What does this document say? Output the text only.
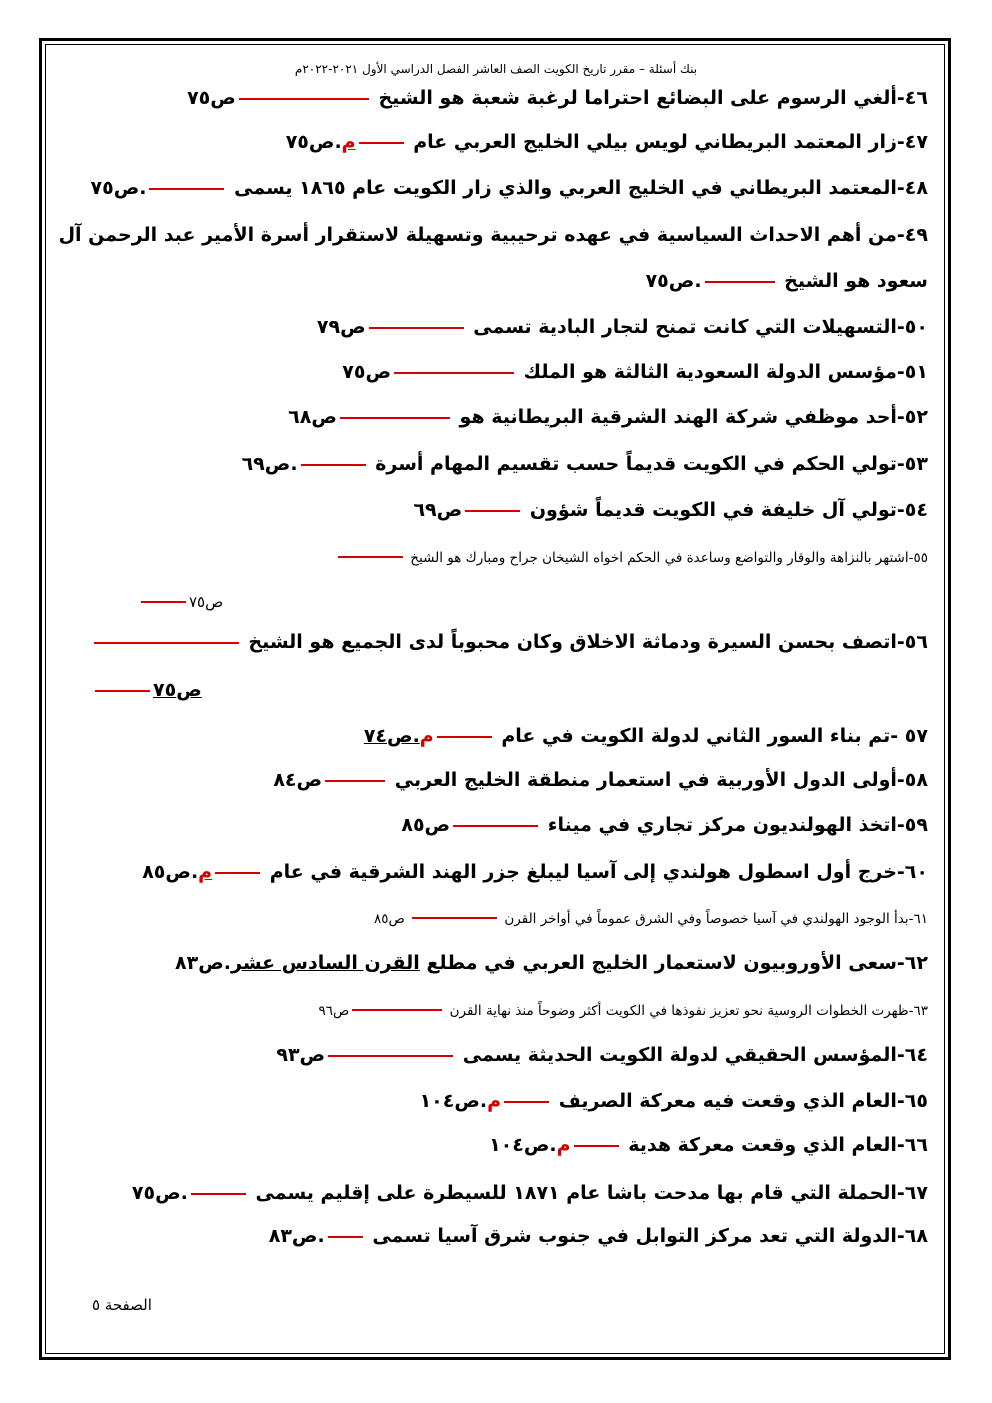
بنك أسئلة – مقرر تاريخ الكويت الصف العاشر الفصل الدراسي الأول ٢٠٢١-٢٠٢٢م
٤٦-ألغي الرسوم على البضائع احتراما لرغبة شعبة هو الشيخ ص٧٥
٤٧-زار المعتمد البريطاني لويس بيلي الخليج العربي عام م.ص٧٥
٤٨-المعتمد البريطاني في الخليج العربي والذي زار الكويت عام ١٨٦٥ يسمى .ص٧٥
٤٩-من أهم الاحداث السياسية في عهده ترحيبية وتسهيلة لاستقرار أسرة الأمير عبد الرحمن آل
سعود هو الشيخ .ص٧٥
٥٠-التسهيلات التي كانت تمنح لتجار البادية تسمى ص٧٩
٥١-مؤسس الدولة السعودية الثالثة هو الملك ص٧٥
٥٢-أحد موظفي شركة الهند الشرقية البريطانية هو ص٦٨
٥٣-تولي الحكم في الكويت قديماً حسب تقسيم المهام أسرة .ص٦٩
٥٤-تولي آل خليفة في الكويت قديماً شؤون ص٦٩
٥٥-اشتهر بالنزاهة والوقار والتواضع وساعدة في الحكم اخواه الشيخان جراح ومبارك هو الشيخ
ص٧٥
٥٦-اتصف بحسن السيرة ودماثة الاخلاق وكان محبوباً لدى الجميع هو الشيخ
ص٧٥
٥٧ -تم بناء السور الثاني لدولة الكويت في عام م.ص٧٤
٥٨-أولى الدول الأوربية في استعمار منطقة الخليج العربي ص٨٤
٥٩-اتخذ الهولنديون مركز تجاري في ميناء ص٨٥
٦٠-خرج أول اسطول هولندي إلى آسيا ليبلغ جزر الهند الشرقية في عام م.ص٨٥
٦١-بدأ الوجود الهولندي في آسيا خصوصاً وفي الشرق عموماً في أواخر القرن  ص٨٥
٦٢-سعى الأوروبيون لاستعمار الخليج العربي في مطلع القرن السادس عشر.ص٨٣
٦٣-ظهرت الخطوات الروسية نحو تعزيز نفوذها في الكويت أكثر وضوحاً منذ نهاية القرن ص٩٦
٦٤-المؤسس الحقيقي لدولة الكويت الحديثة يسمى ص٩٣
٦٥-العام الذي وقعت فيه معركة الصريف م.ص١٠٤
٦٦-العام الذي وقعت معركة هدية م.ص١٠٤
٦٧-الحملة التي قام بها مدحت باشا عام ١٨٧١ للسيطرة على إقليم يسمى .ص٧٥
٦٨-الدولة التي تعد مركز التوابل في جنوب شرق آسيا تسمى .ص٨٣
الصفحة ٥
